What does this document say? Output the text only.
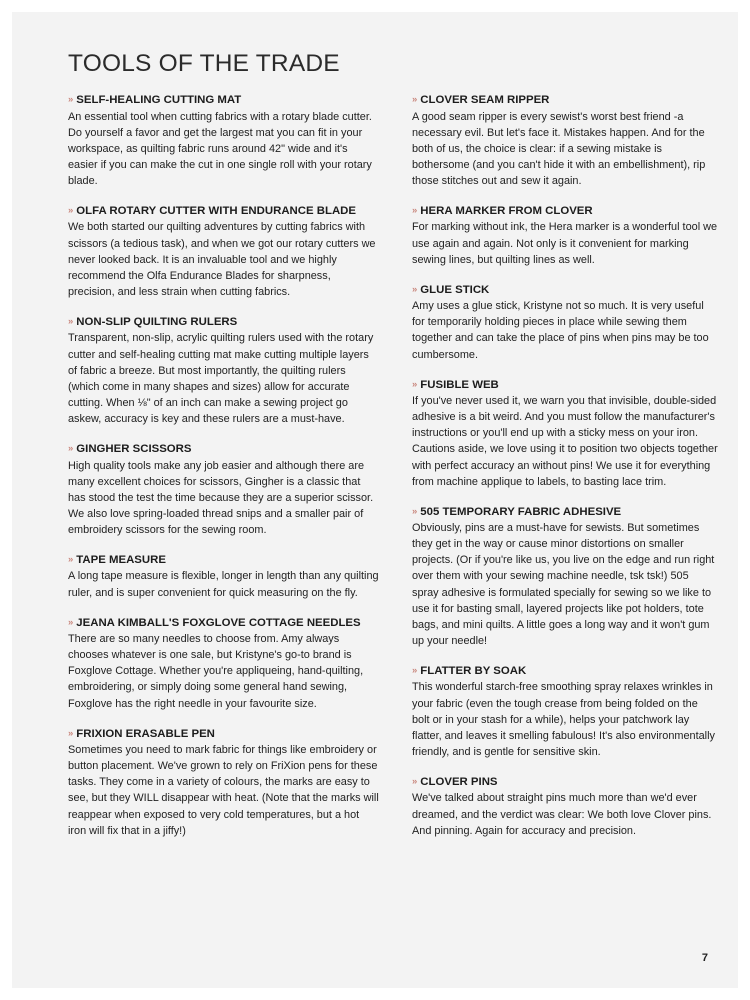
TOOLS OF THE TRADE

» SELF-HEALING CUTTING MAT

An essential tool when cutting fabrics with a rotary blade cutter. Do yourself a favor and get the largest mat you can fit in your workspace, as quilting fabric runs around 42" wide and it's easier if you can make the cut in one single roll with your rotary blade.

» OLFA ROTARY CUTTER WITH ENDURANCE BLADE

We both started our quilting adventures by cutting fabrics with scissors (a tedious task), and when we got our rotary cutters we never looked back. It is an invaluable tool and we highly recommend the Olfa Endurance Blades for sharpness, precision, and less strain when cutting fabrics.

» NON-SLIP QUILTING RULERS

Transparent, non-slip, acrylic quilting rulers used with the rotary cutter and self-healing cutting mat make cutting multiple layers of fabric a breeze. But most importantly, the quilting rulers (which come in many shapes and sizes) allow for accurate cutting. When ⅛" of an inch can make a sewing project go askew, accuracy is key and these rulers are a must-have.

» GINGHER SCISSORS

High quality tools make any job easier and although there are many excellent choices for scissors, Gingher is a classic that has stood the test the time because they are a superior scissor. We also love spring-loaded thread snips and a smaller pair of embroidery scissors for the sewing room.

» TAPE MEASURE

A long tape measure is flexible, longer in length than any quilting ruler, and is super convenient for quick measuring on the fly.

» JEANA KIMBALL'S FOXGLOVE COTTAGE NEEDLES

There are so many needles to choose from. Amy always chooses whatever is one sale, but Kristyne's go-to brand is Foxglove Cottage. Whether you're appliqueing, hand-quilting, embroidering, or simply doing some general hand sewing, Foxglove has the right needle in your favourite size.

» FRIXION ERASABLE PEN

Sometimes you need to mark fabric for things like embroidery or button placement. We've grown to rely on FriXion pens for these tasks. They come in a variety of colours, the marks are easy to see, but they WILL disappear with heat. (Note that the marks will reappear when exposed to very cold temperatures, but a hot iron will fix that in a jiffy!)

» CLOVER SEAM RIPPER

A good seam ripper is every sewist's worst best friend -a necessary evil. But let's face it. Mistakes happen. And for the both of us, the choice is clear: if a sewing mistake is bothersome (and you can't hide it with an embellishment), rip those stitches out and sew it again.

» HERA MARKER FROM CLOVER

For marking without ink, the Hera marker is a wonderful tool we use again and again. Not only is it convenient for marking sewing lines, but quilting lines as well.

» GLUE STICK

Amy uses a glue stick, Kristyne not so much. It is very useful for temporarily holding pieces in place while sewing them together and can take the place of pins when pins may be too cumbersome.

» FUSIBLE WEB

If you've never used it, we warn you that invisible, double-sided adhesive is a bit weird. And you must follow the manufacturer's instructions or you'll end up with a sticky mess on your iron. Cautions aside, we love using it to position two objects together with perfect accuracy an without pins! We use it for everything from machine applique to labels, to basting lace trim.

» 505 TEMPORARY FABRIC ADHESIVE

Obviously, pins are a must-have for sewists. But sometimes they get in the way or cause minor distortions on smaller projects. (Or if you're like us, you live on the edge and run right over them with your sewing machine needle, tsk tsk!) 505 spray adhesive is formulated specially for sewing so we like to use it for basting small, layered projects like pot holders, tote bags, and mini quilts. A little goes a long way and it won't gum up your needle!

» FLATTER BY SOAK

This wonderful starch-free smoothing spray relaxes wrinkles in your fabric (even the tough crease from being folded on the bolt or in your stash for a while), helps your patchwork lay flatter, and leaves it smelling fabulous! It's also environmentally friendly, and is gentle for sensitive skin.

» CLOVER PINS

We've talked about straight pins much more than we'd ever dreamed, and the verdict was clear: We both love Clover pins. And pinning. Again for accuracy and precision.

7
